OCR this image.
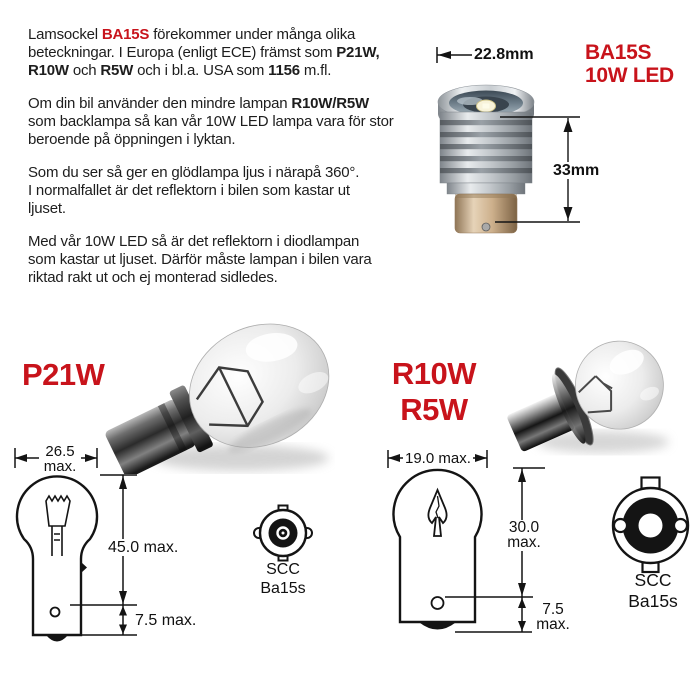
Lamsockel BA15S förekommer under många olika
beteckningar. I Europa (enligt ECE) främst som P21W,
R10W och R5W och i bl.a. USA som 1156 m.fl.

Om din bil använder den mindre lampan R10W/R5W
som backlampa så kan vår 10W LED lampa vara för stor
beroende på öppningen i lyktan.

Som du ser så ger en glödlampa ljus i närapå 360°.
I normalfallet är det reflektorn i bilen som kastar ut
ljuset.

Med vår 10W LED så är det reflektorn i diodlampan
som kastar ut ljuset. Därför måste lampan i bilen vara
riktad rakt ut och ej monterad sidledes.

22.8mm
33mm
BA15S
10W LED
P21W
26.5
max.
45.0 max.
7.5 max.
SCC
Ba15s
R10W
R5W
19.0 max.
30.0
max.
7.5
max.
SCC
Ba15s
